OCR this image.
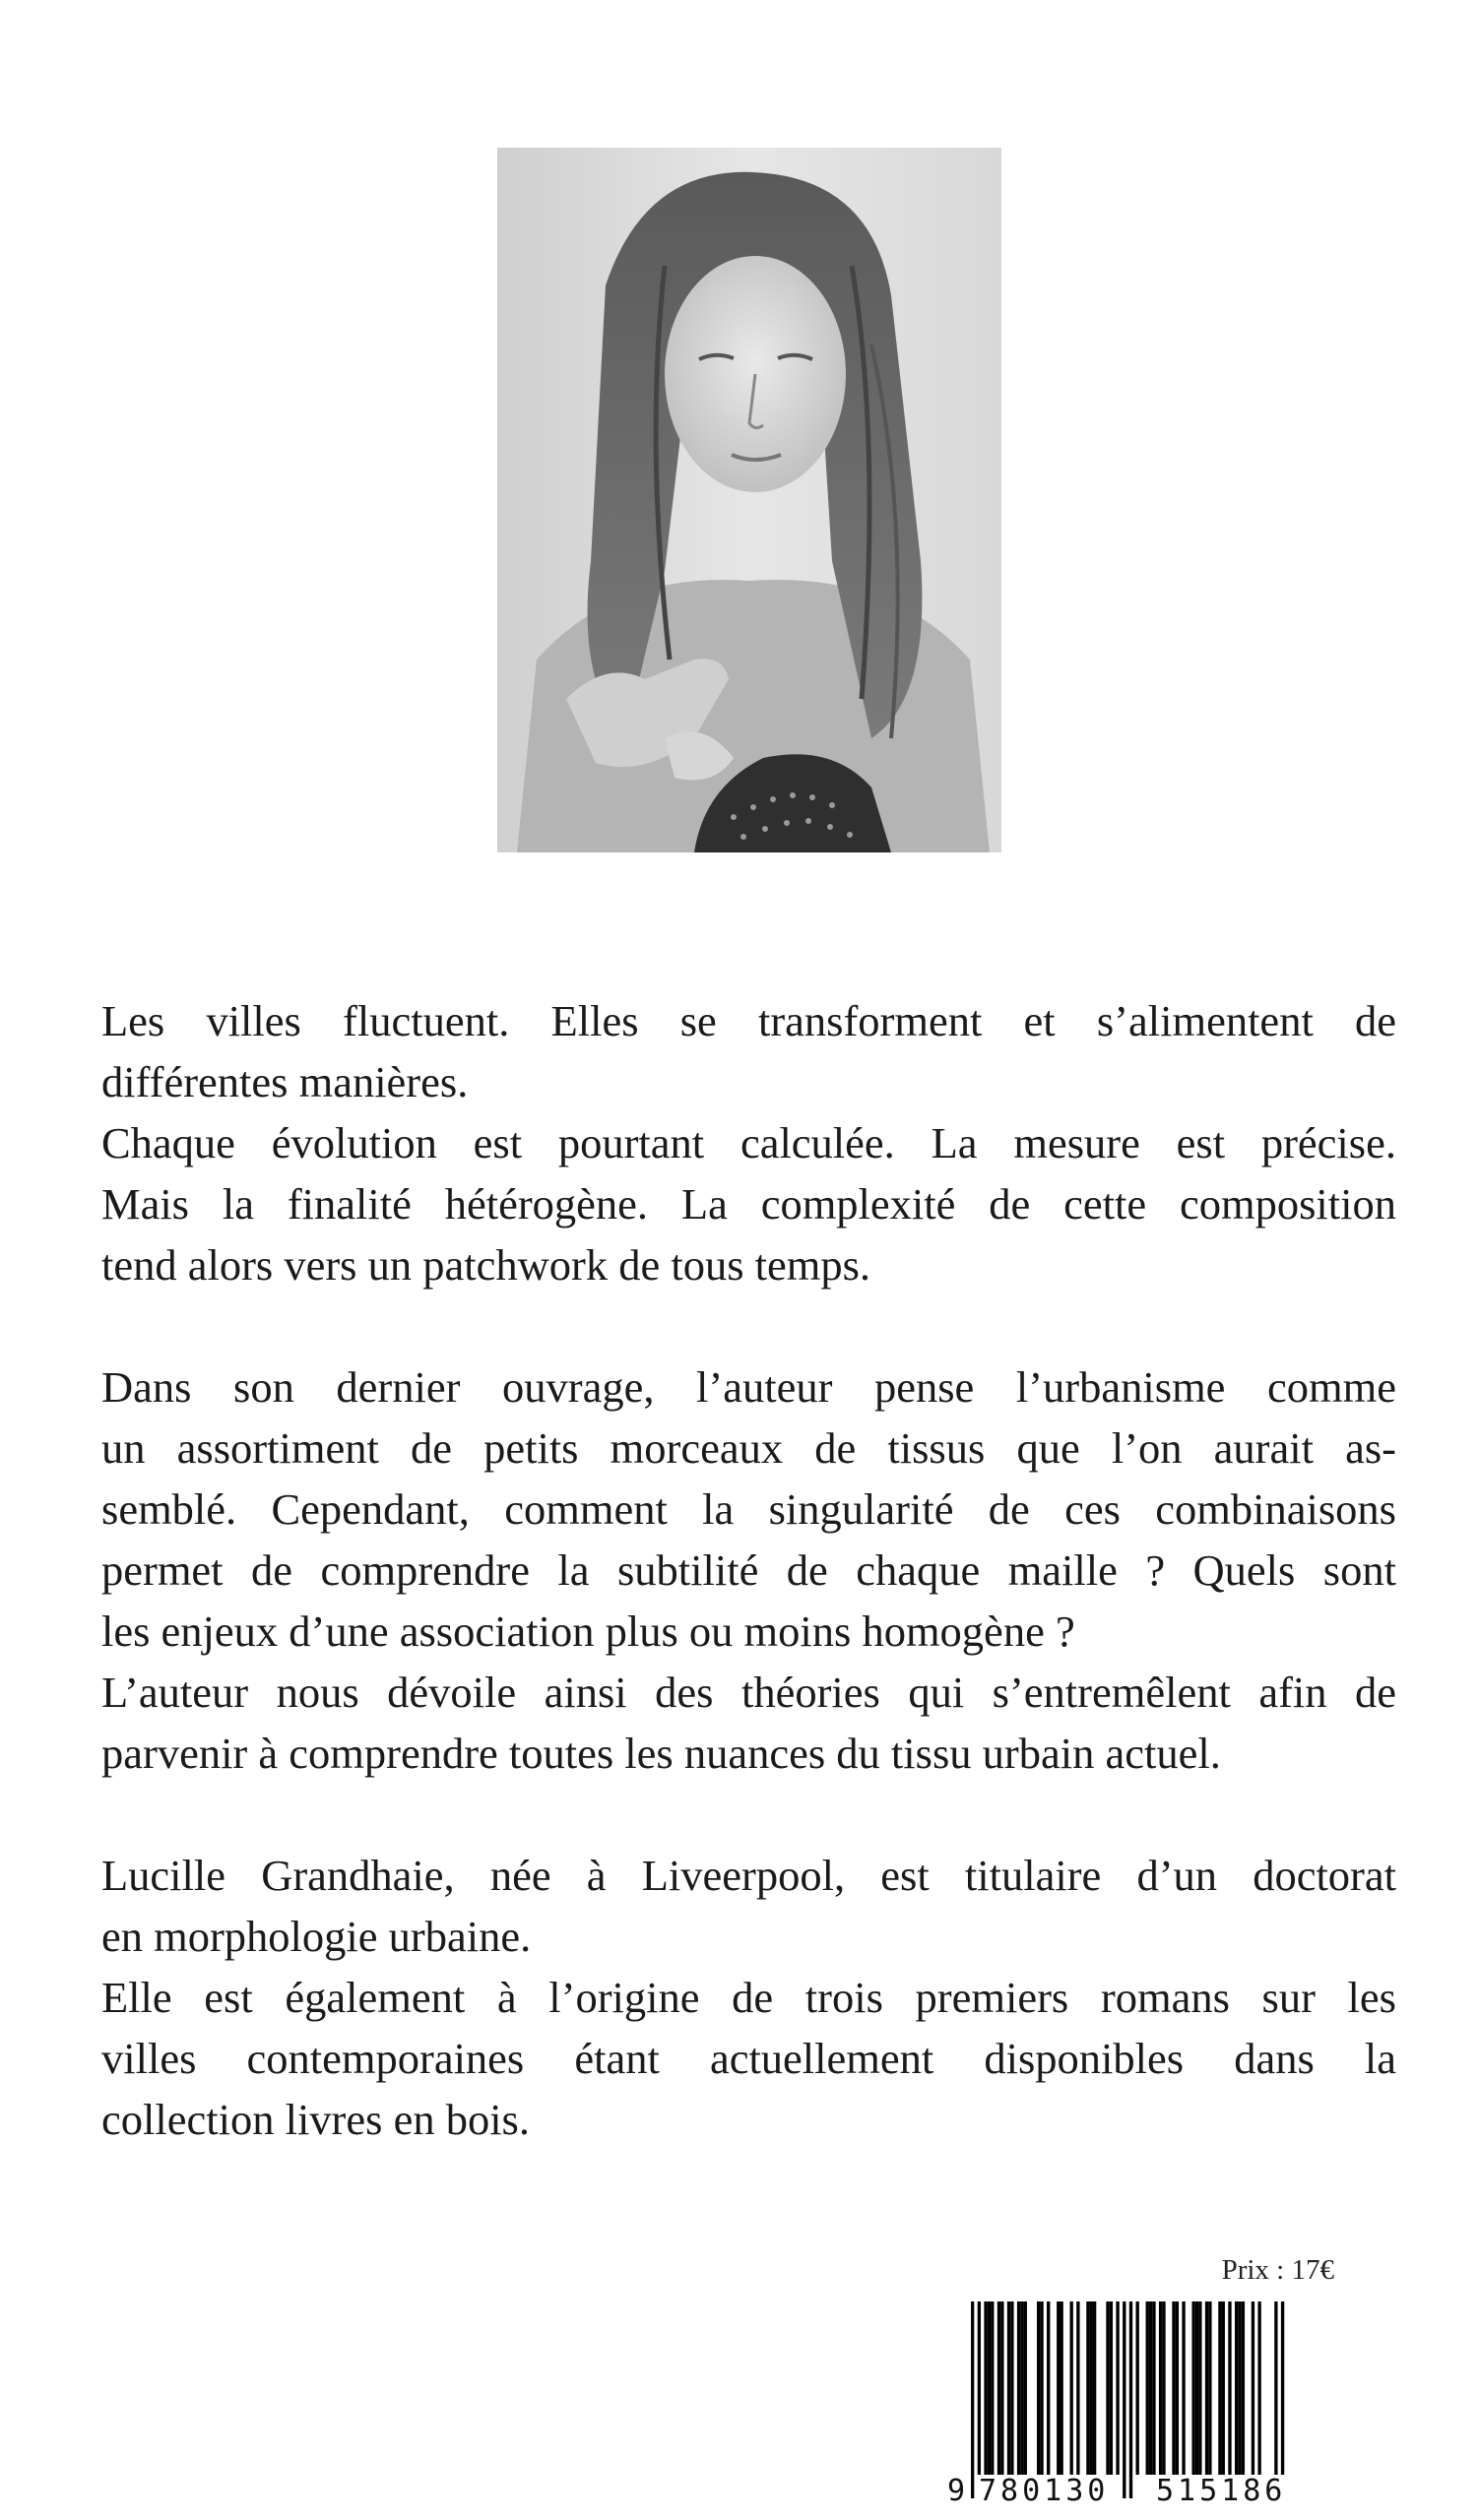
Les villes fluctuent. Elles se transforment et s’alimentent de
différentes manières.
Chaque évolution est pourtant calculée. La mesure est précise.
Mais la finalité hétérogène. La complexité de cette composition
tend alors vers un patchwork de tous temps.
Dans son dernier ouvrage, l’auteur pense l’urbanisme comme
un assortiment de petits morceaux de tissus que l’on aurait as-
semblé. Cependant, comment la singularité de ces combinaisons
permet de comprendre la subtilité de chaque maille ? Quels sont
les enjeux d’une association plus ou moins homogène ?
L’auteur nous dévoile ainsi des théories qui s’entremêlent afin de
parvenir à comprendre toutes les nuances du tissu urbain actuel.
Lucille Grandhaie, née à Liveerpool, est titulaire d’un doctorat
en morphologie urbaine.
Elle est également à l’origine de trois premiers romans sur les
villes contemporaines étant actuellement disponibles dans la
collection livres en bois.
Prix : 17€
9 780130 515186
